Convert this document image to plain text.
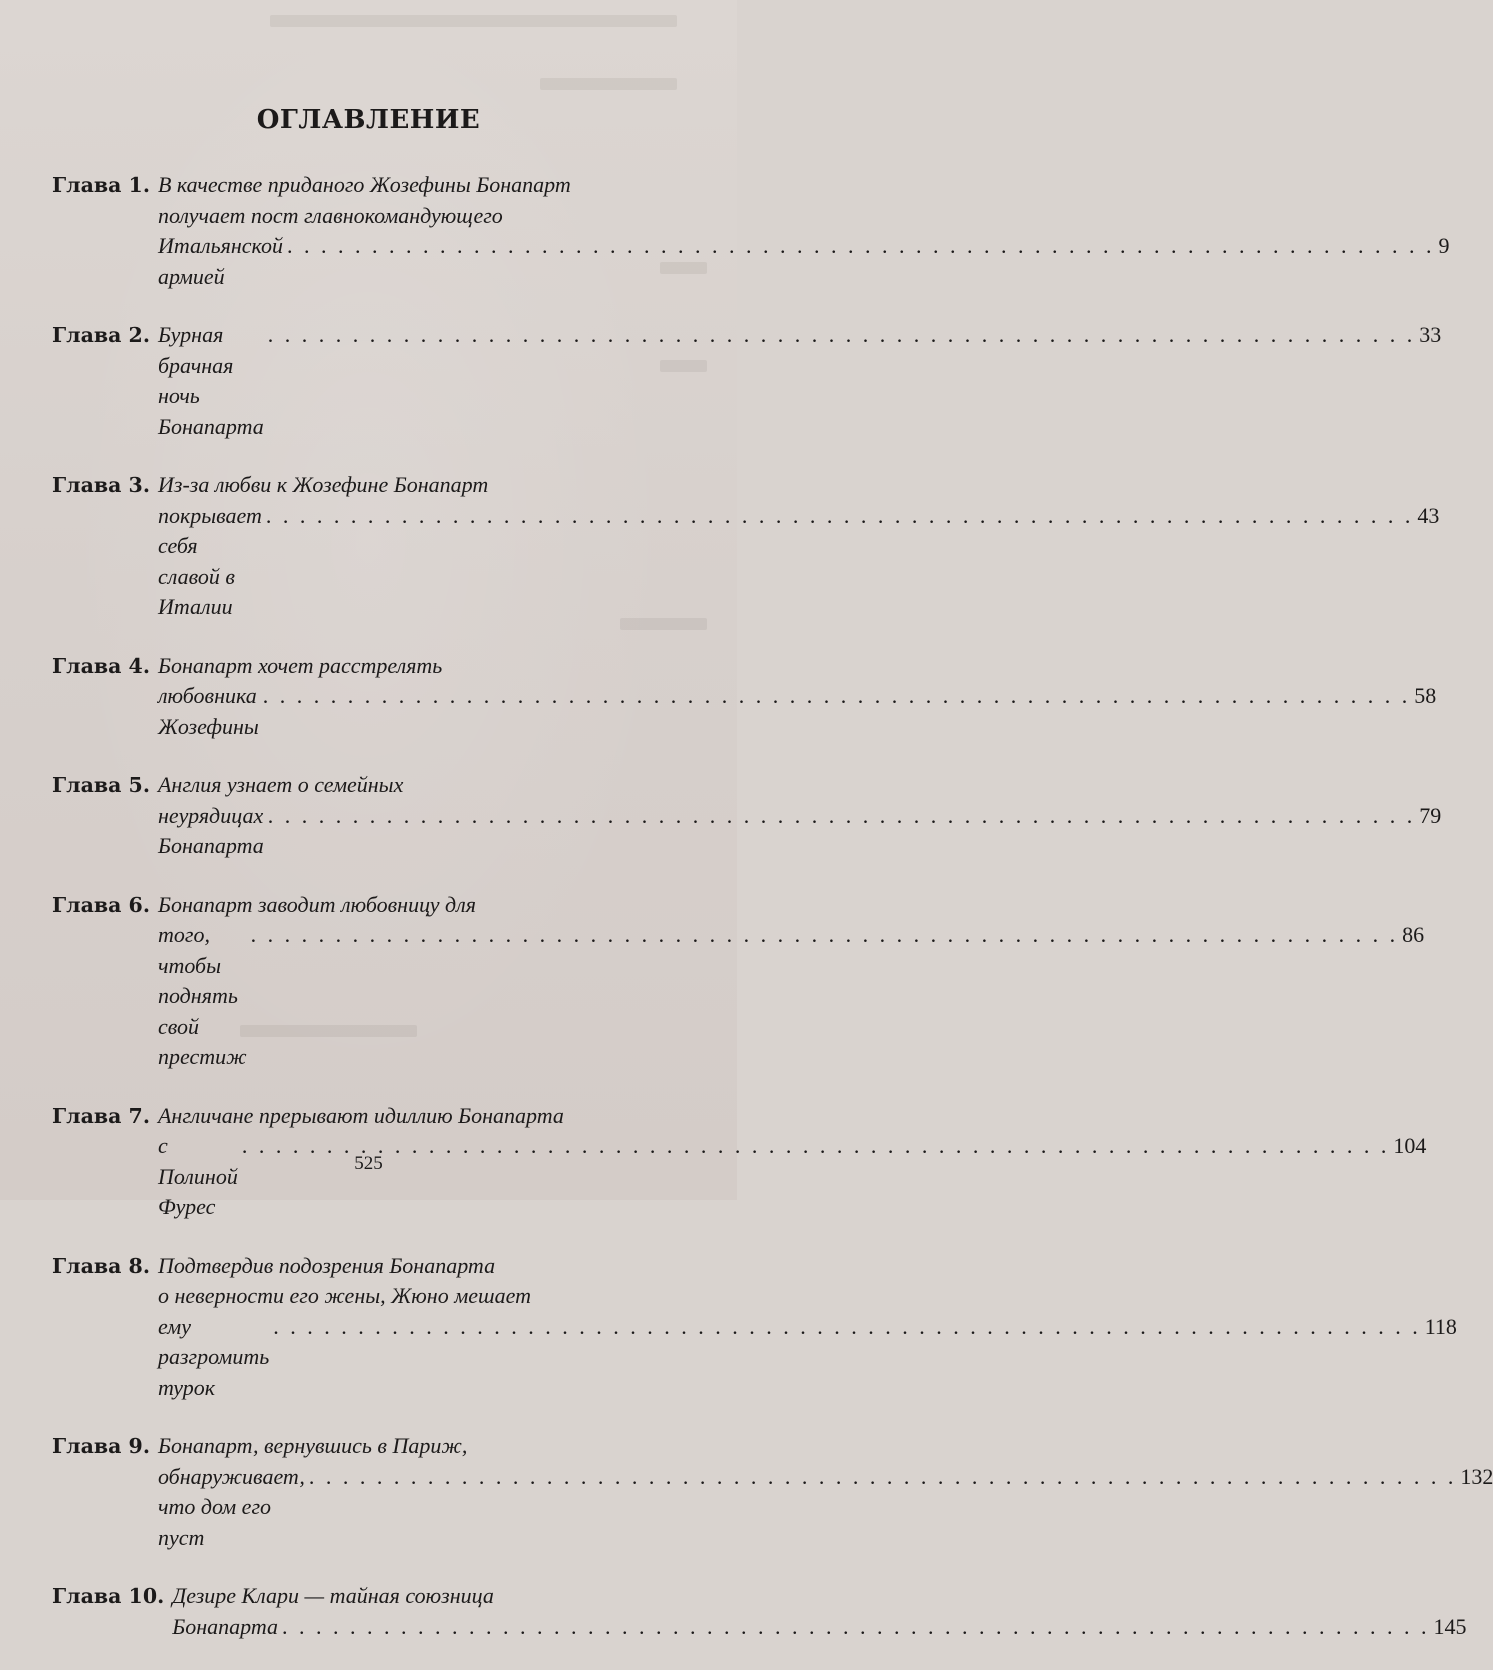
ОГЛАВЛЕНИЕ
Глава 1. В качестве приданого Жозефины Бонапарт
получает пост главнокомандующего
Итальянской армией
. . .
9
Глава 2. Бурная брачная ночь Бонапарта
. . .
33
Глава 3. Из-за любви к Жозефине Бонапарт
покрывает себя славой в Италии
. . .
43
Глава 4. Бонапарт хочет расстрелять
любовника Жозефины
. . .
58
Глава 5. Англия узнает о семейных
неурядицах Бонапарта
. . .
79
Глава 6. Бонапарт заводит любовницу для
того, чтобы поднять свой престиж
. . .
86
Глава 7. Англичане прерывают идиллию Бонапарта
с Полиной Фурес
. . .
104
Глава 8. Подтвердив подозрения Бонапарта
о неверности его жены, Жюно мешает
ему разгромить турок
. . .
118
Глава 9. Бонапарт, вернувшись в Париж,
обнаруживает, что дом его пуст
. . .
132
Глава 10. Дезире Клари — тайная союзница
Бонапарта
. . .	145
525
